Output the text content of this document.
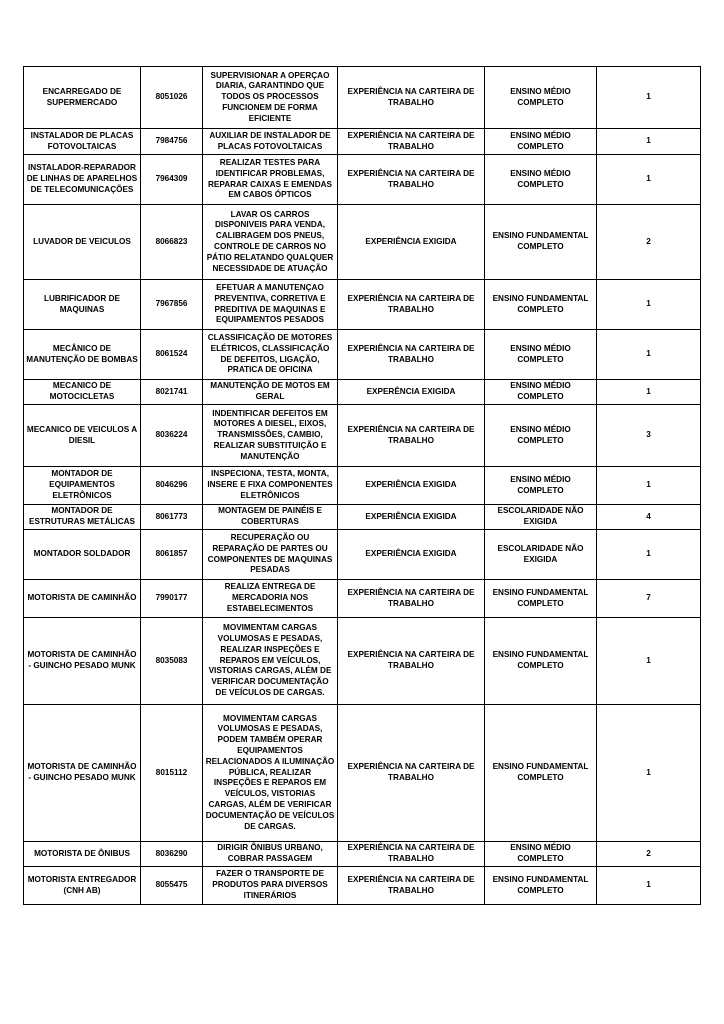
ENCARREGADO DE SUPERMERCADO	8051026	SUPERVISIONAR A OPERÇAO DIARIA, GARANTINDO QUE TODOS OS PROCESSOS FUNCIONEM DE FORMA EFICIENTE	EXPERIÊNCIA NA CARTEIRA DE TRABALHO	ENSINO MÉDIO COMPLETO	1
INSTALADOR DE PLACAS FOTOVOLTAICAS	7984756	AUXILIAR DE INSTALADOR DE PLACAS FOTOVOLTAICAS	EXPERIÊNCIA NA CARTEIRA DE TRABALHO	ENSINO MÉDIO COMPLETO	1
INSTALADOR-REPARADOR DE LINHAS DE APARELHOS DE TELECOMUNICAÇÕES	7964309	REALIZAR TESTES PARA IDENTIFICAR PROBLEMAS, REPARAR CAIXAS E EMENDAS EM CABOS ÓPTICOS	EXPERIÊNCIA NA CARTEIRA DE TRABALHO	ENSINO MÉDIO COMPLETO	1
LUVADOR DE VEICULOS	8066823	LAVAR OS CARROS DISPONIVEIS PARA VENDA, CALIBRAGEM DOS PNEUS, CONTROLE DE CARROS NO PÁTIO RELATANDO QUALQUER NECESSIDADE DE ATUAÇÃO	EXPERIÊNCIA EXIGIDA	ENSINO FUNDAMENTAL COMPLETO	2
LUBRIFICADOR DE MAQUINAS	7967856	EFETUAR A MANUTENÇAO PREVENTIVA, CORRETIVA E PREDITIVA DE MAQUINAS E EQUIPAMENTOS PESADOS	EXPERIÊNCIA NA CARTEIRA DE TRABALHO	ENSINO FUNDAMENTAL COMPLETO	1
MECÂNICO DE MANUTENÇÃO DE BOMBAS	8061524	CLASSIFICAÇÃO DE MOTORES ELÉTRICOS, CLASSIFICAÇÃO DE DEFEITOS, LIGAÇÃO, PRATICA DE OFICINA	EXPERIÊNCIA NA CARTEIRA DE TRABALHO	ENSINO MÉDIO COMPLETO	1
MECANICO DE MOTOCICLETAS	8021741	MANUTENÇÃO DE MOTOS EM GERAL	EXPERÊNCIA EXIGIDA	ENSINO MÉDIO COMPLETO	1
MECANICO DE VEICULOS A DIESIL	8036224	INDENTIFICAR DEFEITOS EM MOTORES A DIESEL, EIXOS, TRANSMISSÕES, CAMBIO, REALIZAR SUBSTITUIÇÃO E MANUTENÇÃO	EXPERIÊNCIA NA CARTEIRA DE TRABALHO	ENSINO MÉDIO COMPLETO	3
MONTADOR DE EQUIPAMENTOS ELETRÔNICOS	8046296	INSPECIONA, TESTA, MONTA, INSERE E FIXA COMPONENTES ELETRÔNICOS	EXPERIÊNCIA EXIGIDA	ENSINO MÉDIO COMPLETO	1
MONTADOR DE ESTRUTURAS METÁLICAS	8061773	MONTAGEM DE PAINÉIS E COBERTURAS	EXPERIÊNCIA EXIGIDA	ESCOLARIDADE NÃO EXIGIDA	4
MONTADOR SOLDADOR	8061857	RECUPERAÇÃO OU REPARAÇÃO DE PARTES OU COMPONENTES DE MAQUINAS PESADAS	EXPERIÊNCIA EXIGIDA	ESCOLARIDADE NÃO EXIGIDA	1
MOTORISTA DE CAMINHÃO	7990177	REALIZA ENTREGA DE MERCADORIA NOS ESTABELECIMENTOS	EXPERIÊNCIA NA CARTEIRA DE TRABALHO	ENSINO FUNDAMENTAL COMPLETO	7
MOTORISTA DE CAMINHÃO - GUINCHO PESADO MUNK	8035083	MOVIMENTAM CARGAS VOLUMOSAS E PESADAS, REALIZAR INSPEÇÕES E REPAROS EM VEÍCULOS, VISTORIAS CARGAS, ALÉM DE VERIFICAR DOCUMENTAÇÃO DE VEÍCULOS DE CARGAS.	EXPERIÊNCIA NA CARTEIRA DE TRABALHO	ENSINO FUNDAMENTAL COMPLETO	1
MOTORISTA DE CAMINHÃO - GUINCHO PESADO MUNK	8015112	MOVIMENTAM CARGAS VOLUMOSAS E PESADAS, PODEM TAMBÉM OPERAR EQUIPAMENTOS RELACIONADOS A ILUMINAÇÃO PÚBLICA, REALIZAR INSPEÇÕES E REPAROS EM VEÍCULOS, VISTORIAS CARGAS, ALÉM DE VERIFICAR DOCUMENTAÇÃO DE VEÍCULOS DE CARGAS.	EXPERIÊNCIA NA CARTEIRA DE TRABALHO	ENSINO FUNDAMENTAL COMPLETO	1
MOTORISTA DE ÔNIBUS	8036290	DIRIGIR ÔNIBUS URBANO, COBRAR PASSAGEM	EXPERIÊNCIA NA CARTEIRA DE TRABALHO	ENSINO MÉDIO COMPLETO	2
MOTORISTA ENTREGADOR (CNH AB)	8055475	FAZER O TRANSPORTE DE PRODUTOS PARA DIVERSOS ITINERÁRIOS	EXPERIÊNCIA NA CARTEIRA DE TRABALHO	ENSINO FUNDAMENTAL COMPLETO	1
